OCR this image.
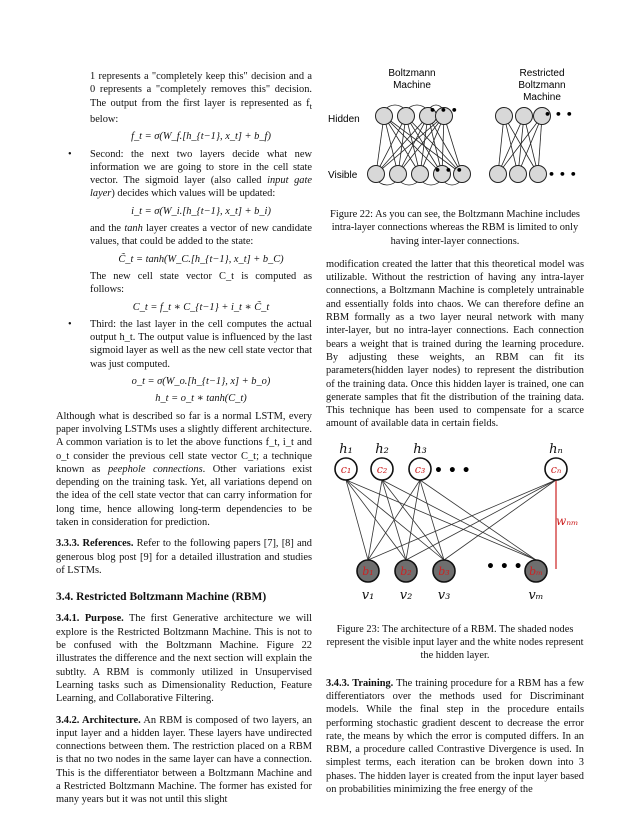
1 represents a "completely keep this" decision and a 0 represents a "completely removes this" decision. The output from the first layer is represented as $f_t$ below:

f_t = σ(W_f.[h_{t−1}, x_t] + b_f)
• Second: the next two layers decide what new information we are going to store in the cell state vector. The sigmoid layer (also called input gate layer) decides which values will be updated:

i_t = σ(W_i.[h_{t−1}, x_t] + b_i)

and the tanh layer creates a vector of new candidate values, that could be added to the state:

C̃_t = tanh(W_C.[h_{t−1}, x_t] + b_C)

The new cell state vector C_t is computed as follows:

C_t = f_t ∗ C_{t−1} + i_t ∗ C̃_t
• Third: the last layer in the cell computes the actual output h_t. The output value is influenced by the last sigmoid layer as well as the new cell state vector that was just computed.

o_t = σ(W_o.[h_{t−1}, x] + b_o)
h_t = o_t ∗ tanh(C_t)

Although what is described so far is a normal LSTM, every paper involving LSTMs uses a slightly different architecture. A common variation is to let the above functions f_t, i_t and o_t consider the previous cell state vector C_t; a technique known as peephole connections. Other variations exist depending on the training task. Yet, all variations depend on the idea of the cell state vector that can carry information for long time, hence allowing long-term dependencies to be taken in consideration for prediction.

3.3.3. References. Refer to the following papers [7], [8] and generous blog post [9] for a detailed illustration and studies of LSTMs.

3.4. Restricted Boltzmann Machine (RBM)

3.4.1. Purpose. The first Generative architecture we will explore is the Restricted Boltzmann Machine. This is not to be confused with the Boltzmann Machine. Figure 22 illustrates the difference and the next section will explain the subtlty. A RBM is commonly utilized in Unsupervised Learning tasks such as Dimensionality Reduction, Feature Learning, and Collaborative Filtering.

3.4.2. Architecture. An RBM is composed of two layers, an input layer and a hidden layer. These layers have undirected connections between them. The restriction placed on a RBM is that no two nodes in the same layer can have a connection. This is the differentiator between a Boltzmann Machine and a Restricted Boltzmann Machine. The former has existed for many years but it was not until this slight

Boltzmann Machine
Restricted Boltzmann Machine
Hidden
Visible
• • •
• • •
• • •
• • •
Figure 22: As you can see, the Boltzmann Machine includes intra-layer connections whereas the RBM is limited to only having inter-layer connections.

modification created the latter that this theoretical model was utilizable. Without the restriction of having any intra-layer connections, a Boltzmann Machine is completely untrainable and essentially folds into chaos. We can therefore define an RBM formally as a two layer neural network with many inter-layer, but no intra-layer connections. Each connection bears a weight that is trained during the learning procedure. By adjusting these weights, an RBM can fit its parameters(hidden layer nodes) to represent the distribution of the training data. Once this hidden layer is trained, one can generate samples that fit the distribution of the training data. This technique has been used to compensate for a scarce amount of available data in certain fields.

c₁
h₁
c₂
h₂
c₃
h₃
cₙ
hₙ
b₁
v₁
b₂
v₂
b₃
v₃
bₘ
vₘ
• • •
• • •
wₙₘ
Figure 23: The architecture of a RBM. The shaded nodes represent the visible input layer and the white nodes represent the hidden layer.

3.4.3. Training. The training procedure for a RBM has a few differentiators over the methods used for Discriminant models. While the final step in the procedure entails performing stochastic gradient descent to decrease the error rate, the means by which the error is computed differs. In an RBM, a procedure called Contrastive Divergence is used. In simplest terms, each iteration can be broken down into 3 phases. The hidden layer is created from the input layer based on probabilities minimizing the free energy of the
